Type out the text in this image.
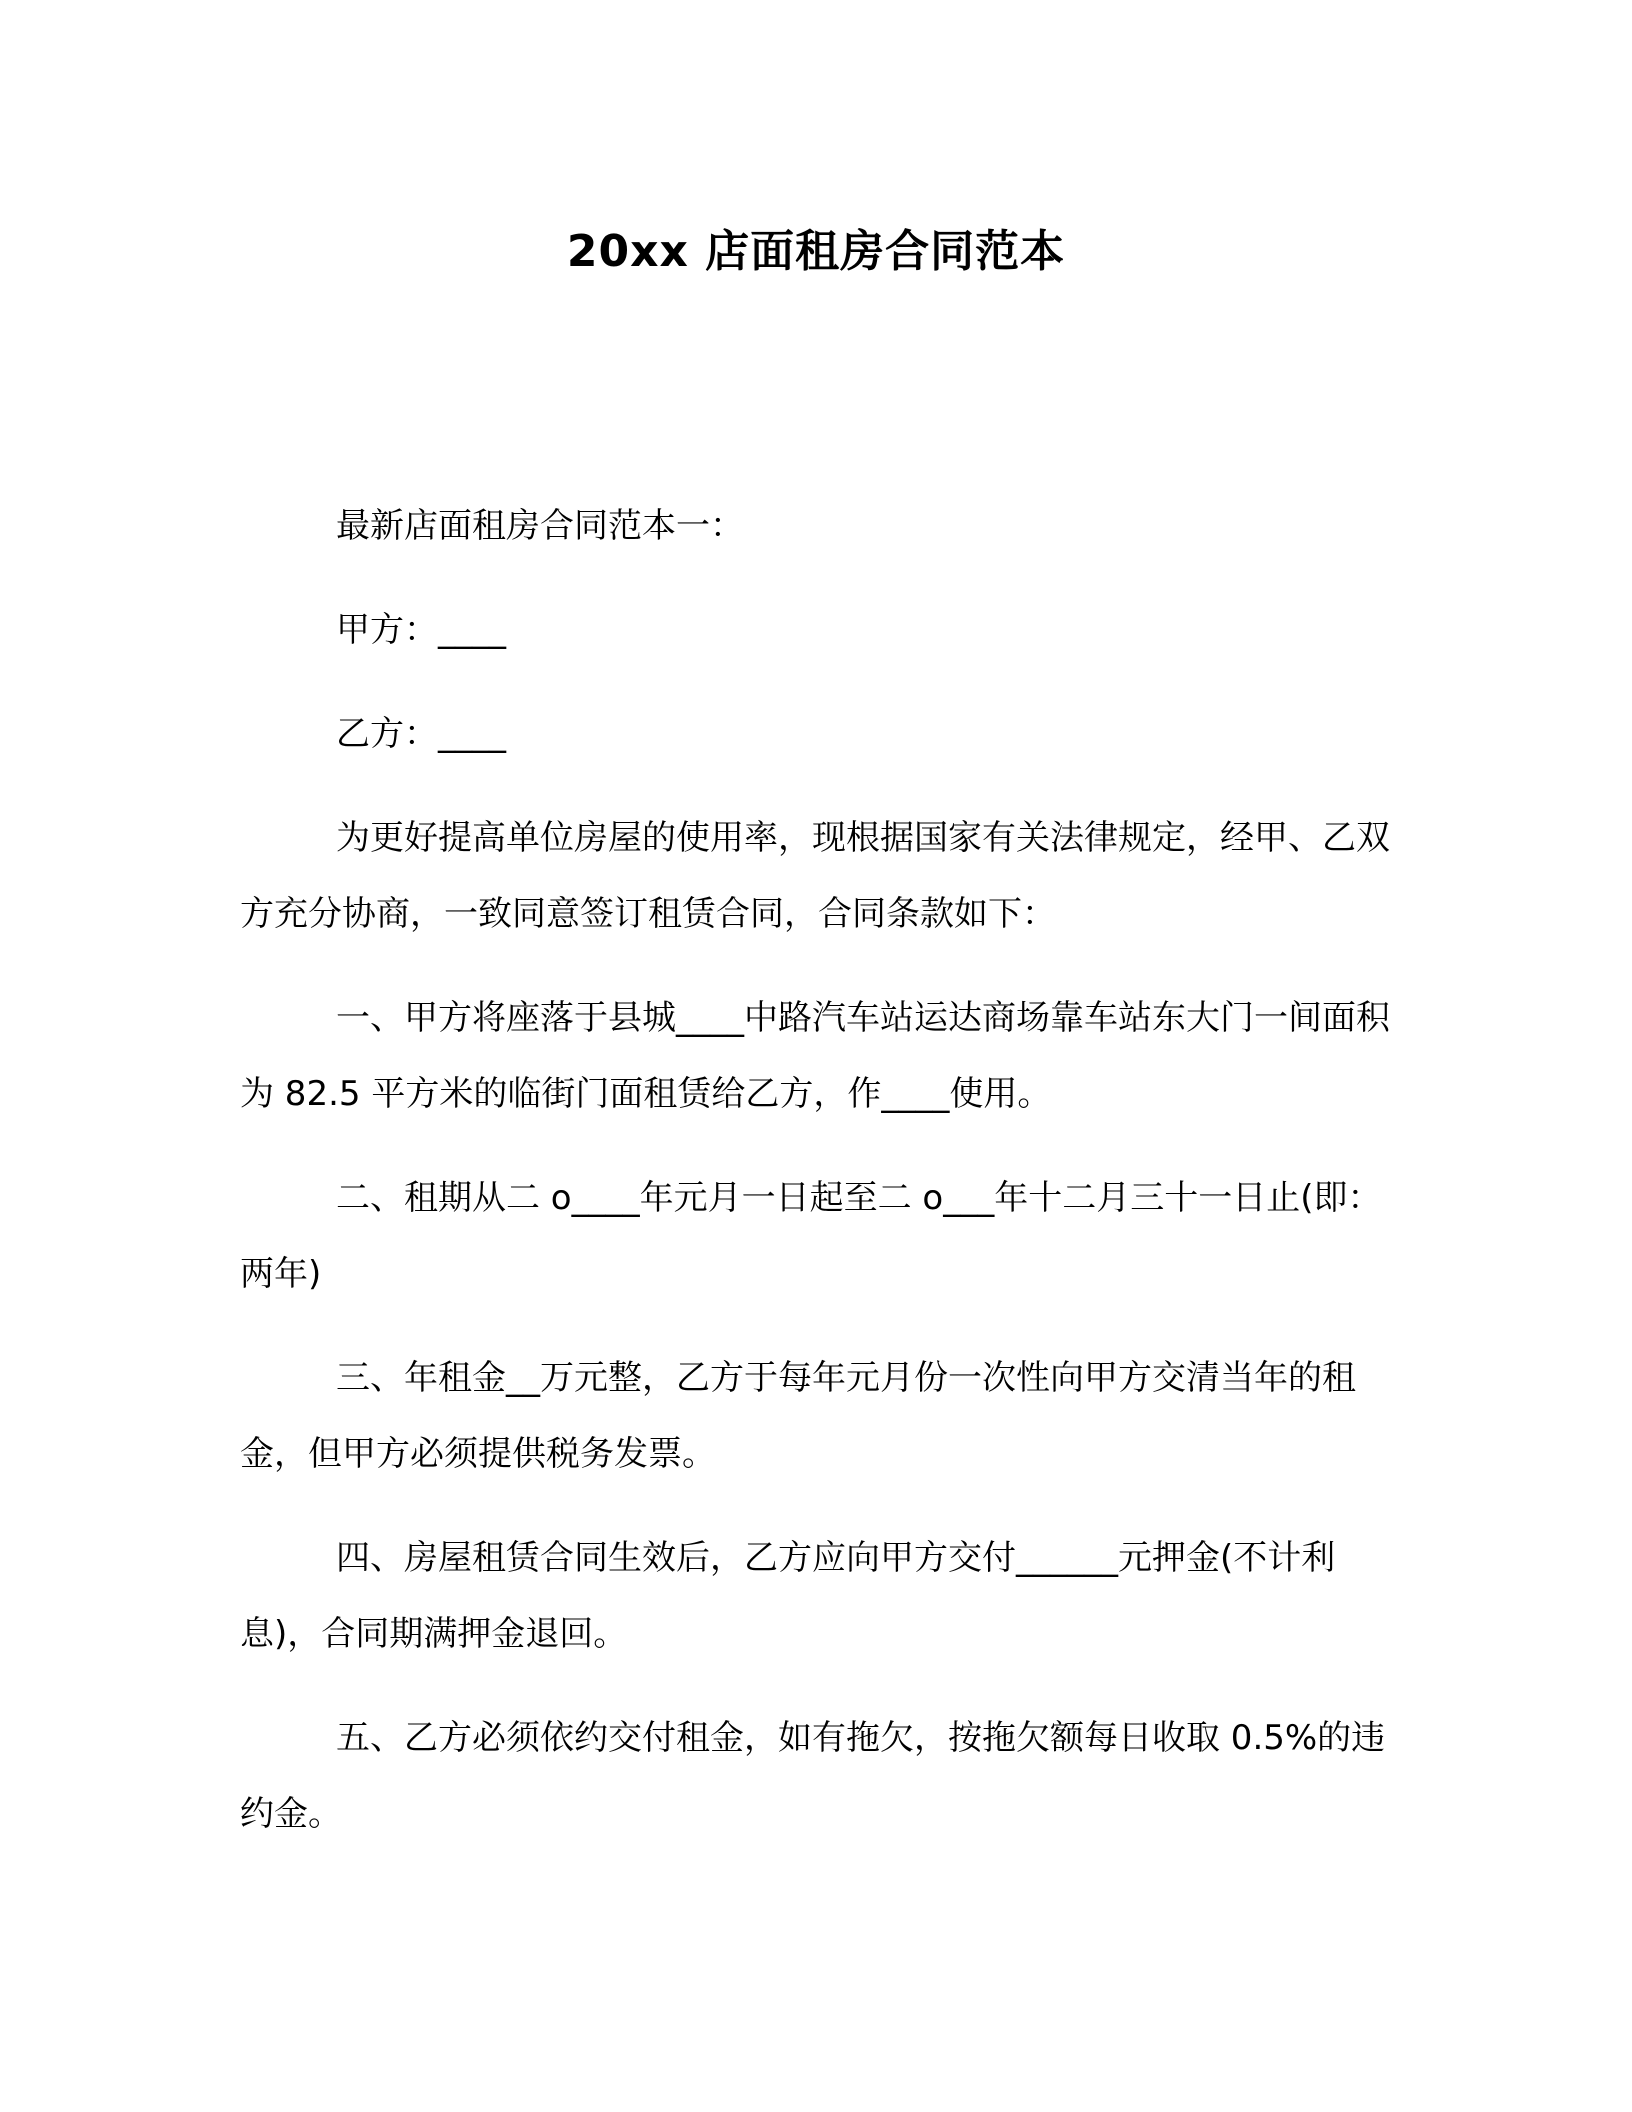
20xx 店面租房合同范本

最新店面租房合同范本一：

甲方：____

乙方：____

为更好提高单位房屋的使用率，现根据国家有关法律规定，经甲、乙双方充分协商，一致同意签订租赁合同，合同条款如下：

一、甲方将座落于县城____中路汽车站运达商场靠车站东大门一间面积为 82.5 平方米的临街门面租赁给乙方，作____使用。

二、租期从二 o____年元月一日起至二 o___年十二月三十一日止(即：两年)

三、年租金__万元整，乙方于每年元月份一次性向甲方交清当年的租金，但甲方必须提供税务发票。

四、房屋租赁合同生效后，乙方应向甲方交付______元押金(不计利息)，合同期满押金退回。

五、乙方必须依约交付租金，如有拖欠，按拖欠额每日收取 0.5%的违约金。
